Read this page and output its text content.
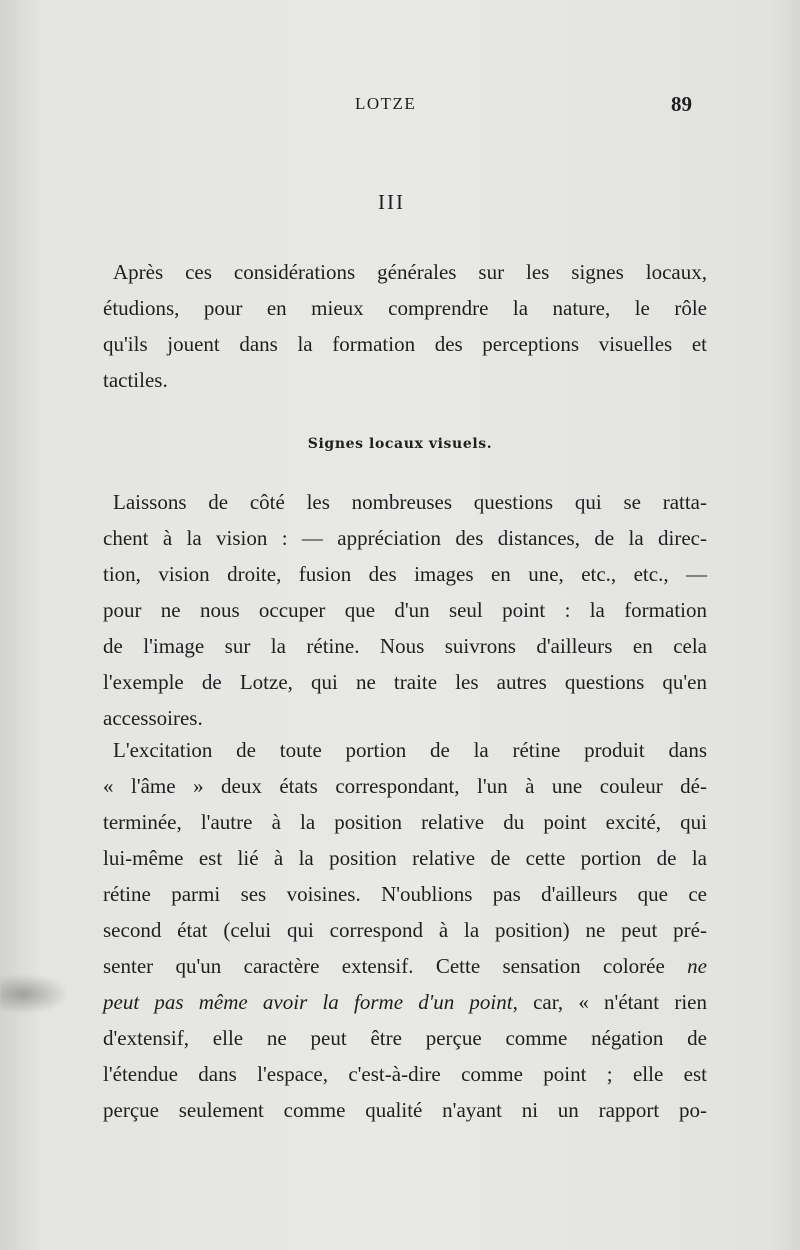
LOTZE	89
III
Après ces considérations générales sur les signes locaux,
étudions, pour en mieux comprendre la nature, le rôle
qu'ils jouent dans la formation des perceptions visuelles et
tactiles.
Signes locaux visuels.
Laissons de côté les nombreuses questions qui se ratta-
chent à la vision : — appréciation des distances, de la direc-
tion, vision droite, fusion des images en une, etc., etc., —
pour ne nous occuper que d'un seul point : la formation
de l'image sur la rétine. Nous suivrons d'ailleurs en cela
l'exemple de Lotze, qui ne traite les autres questions qu'en
accessoires.
L'excitation de toute portion de la rétine produit dans
« l'âme » deux états correspondant, l'un à une couleur dé-
terminée, l'autre à la position relative du point excité, qui
lui-même est lié à la position relative de cette portion de la
rétine parmi ses voisines. N'oublions pas d'ailleurs que ce
second état (celui qui correspond à la position) ne peut pré-
senter qu'un caractère extensif. Cette sensation colorée ne
peut pas même avoir la forme d'un point, car, « n'étant rien
d'extensif, elle ne peut être perçue comme négation de
l'étendue dans l'espace, c'est-à-dire comme point ; elle est
perçue seulement comme qualité n'ayant ni un rapport po-
